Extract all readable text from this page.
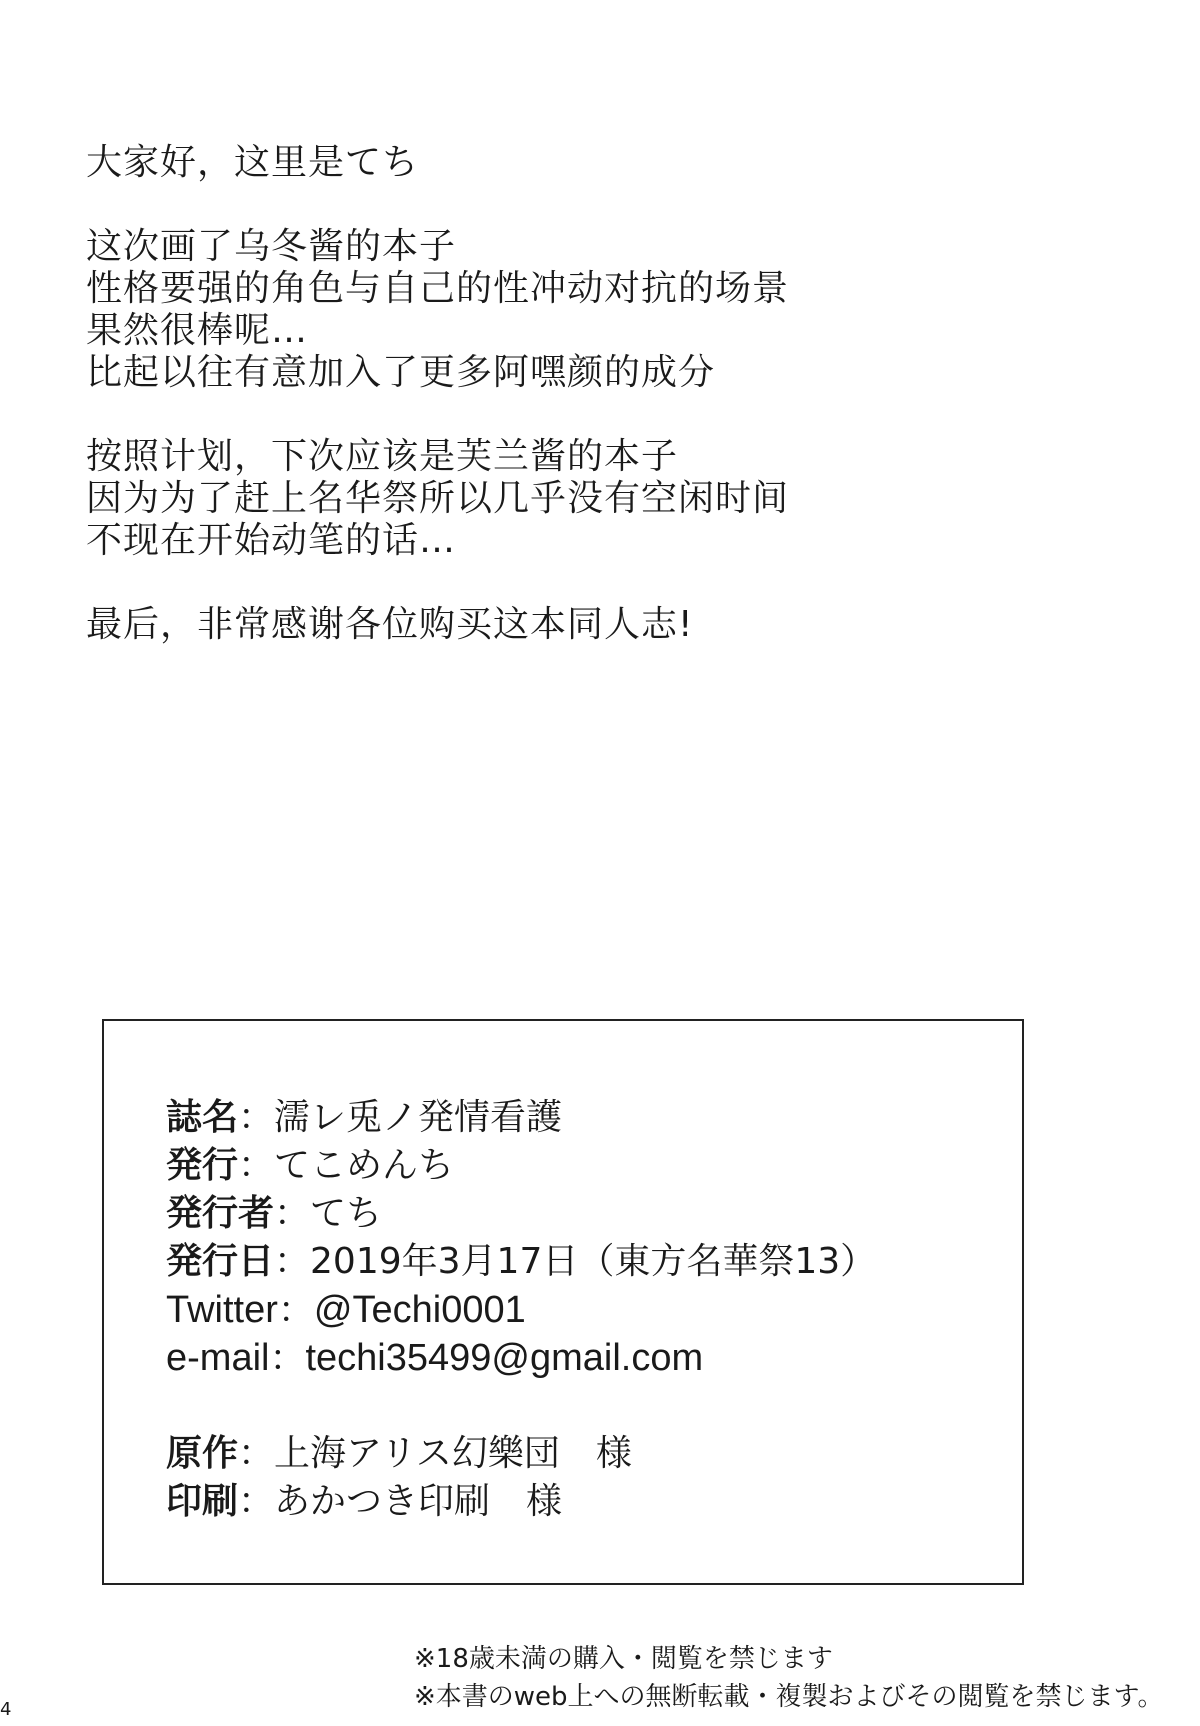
大家好，这里是てち
这次画了乌冬酱的本子
性格要强的角色与自己的性冲动对抗的场景
果然很棒呢…
比起以往有意加入了更多阿嘿颜的成分
按照计划，下次应该是芙兰酱的本子
因为为了赶上名华祭所以几乎没有空闲时间
不现在开始动笔的话…
最后，非常感谢各位购买这本同人志!
誌名：濡レ兎ノ発情看護
発行：てこめんち
発行者：てち
発行日：2019年3月17日（東方名華祭13）
Twitter：@Techi0001
e-mail：techi35499@gmail.com
原作：上海アリス幻樂団　様
印刷：あかつき印刷　様
※18歳未満の購入・閲覧を禁じます
※本書のweb上への無断転載・複製およびその閲覧を禁じます。
4
